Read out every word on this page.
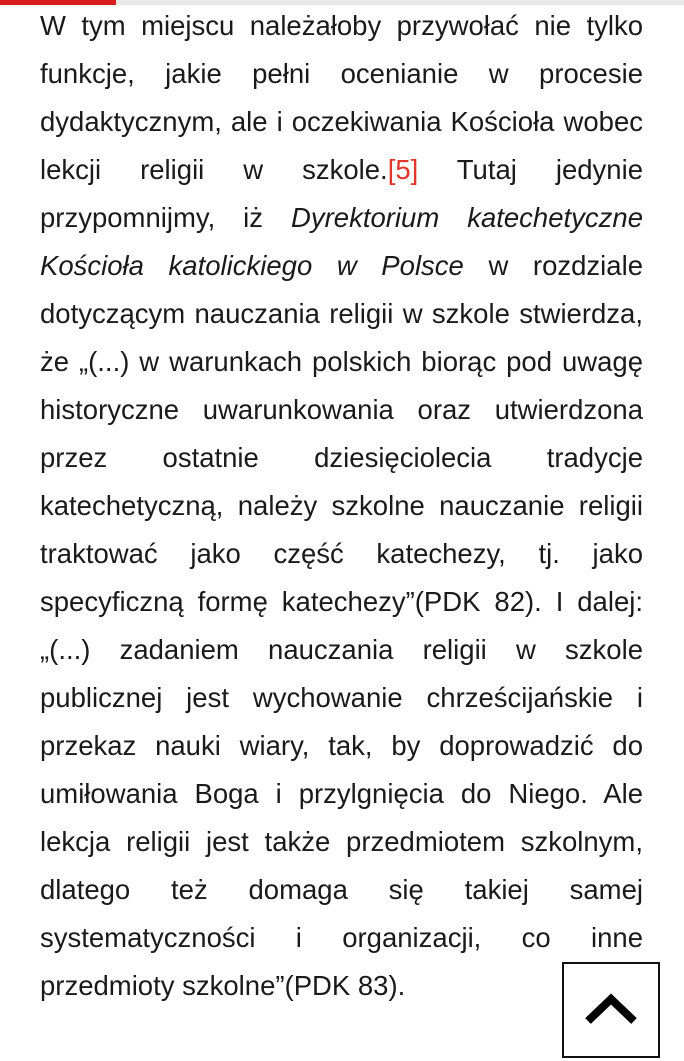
W tym miejscu należałoby przywołać nie tylko funkcje, jakie pełni ocenianie w procesie dydaktycznym, ale i oczekiwania Kościoła wobec lekcji religii w szkole.[5] Tutaj jedynie przypomnijmy, iż Dyrektorium katechetyczne Kościoła katolickiego w Polsce w rozdziale dotyczącym nauczania religii w szkole stwierdza, że „(...) w warunkach polskich biorąc pod uwagę historyczne uwarunkowania oraz utwierdzona przez ostatnie dziesięciolecia tradycje katechetyczną, należy szkolne nauczanie religii traktować jako część katechezy, tj. jako specyficzną formę katechezy”(PDK 82). I dalej: „(...) zadaniem nauczania religii w szkole publicznej jest wychowanie chrześcijańskie i przekaz nauki wiary, tak, by doprowadzić do umiłowania Boga i przylgnięcia do Niego. Ale lekcja religii jest także przedmiotem szkolnym, dlatego też domaga się takiej samej systematyczności i organizacji, co inne przedmioty szkolne”(PDK 83).
